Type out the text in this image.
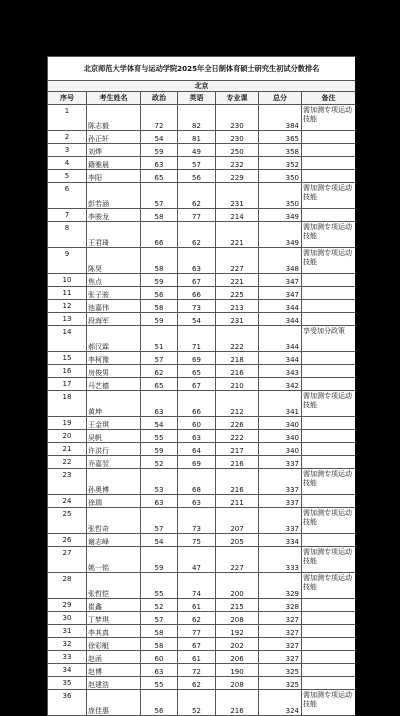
北京师范大学体育与运动学院2025年全日制体育硕士研究生初试分数排名						
北京						
序号	考生姓名	政治	英语	专业课	总分	备注
1	陈志毅	72	82	230	384	需加测专项运动技能
2	孙正轩	54	81	230	365	
3	刘烨	59	49	250	358	
4	籍雅晨	63	57	232	352	
5	李阳	65	56	229	350	
6	彭若涵	57	62	231	350	需加测专项运动技能
7	李骏龙	58	77	214	349	
8	王君琦	66	62	221	349	需加测专项运动技能
9	陈昊	58	63	227	348	需加测专项运动技能
10	焦点	59	67	221	347	
11	张子骏	56	66	225	347	
12	池嘉伟	58	73	213	344	
13	段海军	59	54	231	344	
14	郝汉霖	51	71	222	344	享受加分政策
15	李柯豫	57	69	218	344	
16	房俊男	62	65	216	343	
17	马艺德	65	67	210	342	
18	黄坤	63	66	212	341	需加测专项运动技能
19	王金琪	54	60	226	340	
20	吴帆	55	63	222	340	
21	许洪行	59	64	217	340	
22	乔嘉翌	52	69	216	337	
23	孙奥博	53	68	216	337	需加测专项运动技能
24	徐瑞	63	63	211	337	
25	张哲奇	57	73	207	337	需加测专项运动技能
26	谢志峰	54	75	205	334	
27	姚一铭	59	47	227	333	需加测专项运动技能
28	张哲恺	55	74	200	329	需加测专项运动技能
29	崔鑫	52	61	215	328	
30	丁梦琪	57	62	208	327	
31	李其真	58	77	192	327	
32	徐彩艇	58	67	202	327	
33	赵函	60	61	206	327	
34	赵博	63	72	190	325	
35	赵建浩	55	62	208	325	
36	庞佳惠	56	52	216	324	需加测专项运动技能
